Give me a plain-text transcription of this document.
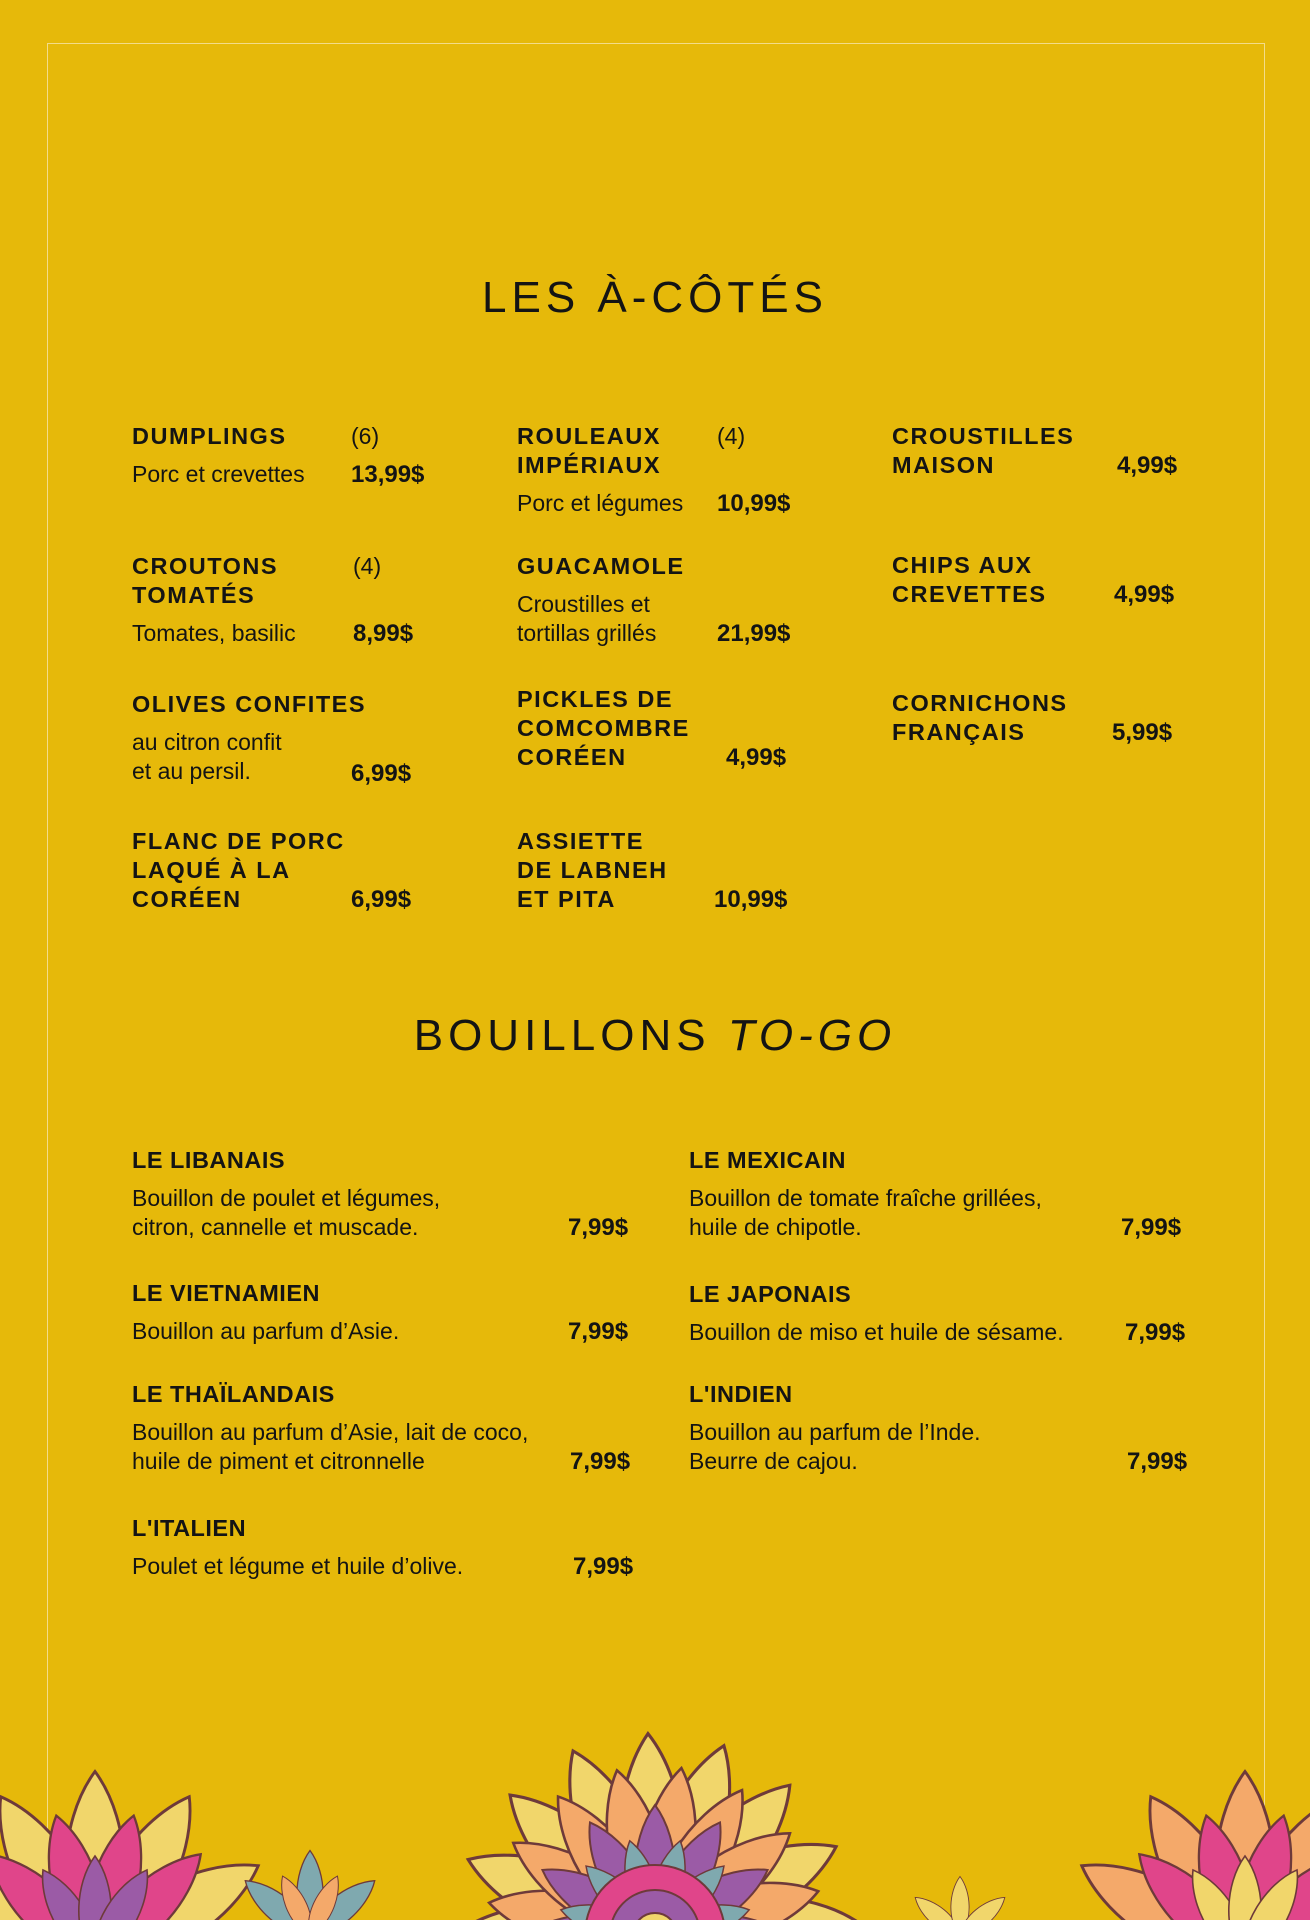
LES À-CÔTÉS
DUMPLINGS	(6)
Porc et crevettes	13,99$
CROUTONS
TOMATÉS
(4)
Tomates, basilic	8,99$
OLIVES CONFITES
au citron confit
et au persil.	6,99$
FLANC DE PORC
LAQUÉ À LA
CORÉEN	6,99$
ROULEAUX
IMPÉRIAUX
(4)
Porc et légumes	10,99$
GUACAMOLE
Croustilles et
tortillas grillés	21,99$
PICKLES DE
COMCOMBRE
CORÉEN	4,99$
ASSIETTE
DE LABNEH
ET PITA	10,99$
CROUSTILLES
MAISON	4,99$
CHIPS AUX
CREVETTES	4,99$
CORNICHONS
FRANÇAIS	5,99$
BOUILLONS TO-GO
LE LIBANAIS
Bouillon de poulet et légumes,
citron, cannelle et muscade.	7,99$
LE VIETNAMIEN
Bouillon au parfum d’Asie.	7,99$
LE THAÏLANDAIS
Bouillon au parfum d’Asie, lait de coco,
huile de piment et citronnelle	7,99$
L'ITALIEN
Poulet et légume et huile d’olive.	7,99$
LE MEXICAIN
Bouillon de tomate fraîche grillées,
huile de chipotle.	7,99$
LE JAPONAIS
Bouillon de miso et huile de sésame.	7,99$
L'INDIEN
Bouillon au parfum de l’Inde.
Beurre de cajou.	7,99$
